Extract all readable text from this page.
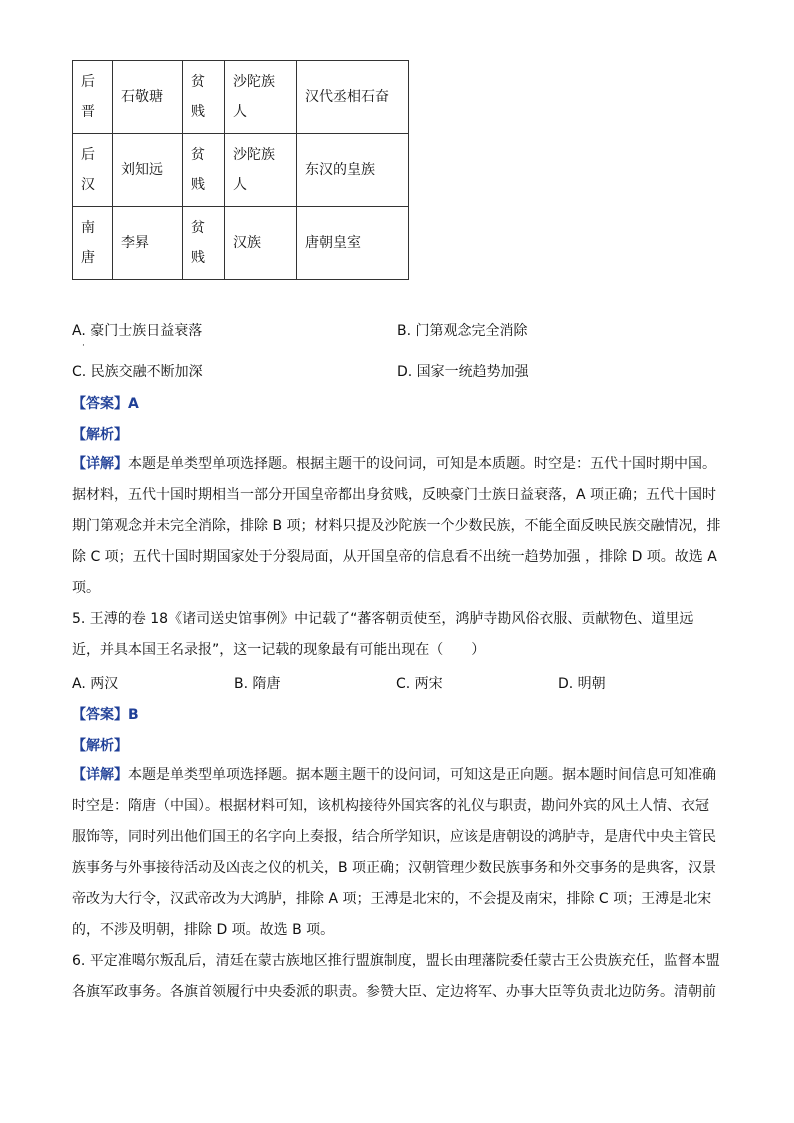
后晋	石敬瑭	贫贱	沙陀族人	汉代丞相石奋

后汉	刘知远	贫贱	沙陀族人	东汉的皇族

南唐	李昪	贫贱	汉族	唐朝皇室
A. 豪门士族日益衰落
·
B. 门第观念完全消除
C. 民族交融不断加深	D. 国家一统趋势加强
【答案】A
【解析】
【详解】本题是单类型单项选择题。根据主题干的设问词，可知是本质题。时空是：五代十国时期中国。
据材料，五代十国时期相当一部分开国皇帝都出身贫贱，反映豪门士族日益衰落，A 项正确；五代十国时
期门第观念并未完全消除，排除 B 项；材料只提及沙陀族一个少数民族，不能全面反映民族交融情况，排
除 C 项；五代十国时期国家处于分裂局面，从开国皇帝的信息看不出统一趋势加强 ，排除 D 项。故选 A
项。
5. 王溥的卷 18《诸司送史馆事例》中记载了“蕃客朝贡使至，鸿胪寺勘风俗衣服、贡献物色、道里远
近，并具本国王名录报”，这一记载的现象最有可能出现在（　　）
A. 两汉	B. 隋唐	C. 两宋	D. 明朝
【答案】B
【解析】
【详解】本题是单类型单项选择题。据本题主题干的设问词，可知这是正向题。据本题时间信息可知准确
时空是：隋唐（中国）。根据材料可知，该机构接待外国宾客的礼仪与职责，勘问外宾的风土人情、衣冠
服饰等，同时列出他们国王的名字向上奏报，结合所学知识，应该是唐朝设的鸿胪寺，是唐代中央主管民
族事务与外事接待活动及凶丧之仪的机关，B 项正确；汉朝管理少数民族事务和外交事务的是典客，汉景
帝改为大行令，汉武帝改为大鸿胪，排除 A 项；王溥是北宋的，不会提及南宋，排除 C 项；王溥是北宋
的，不涉及明朝，排除 D 项。故选 B 项。
6. 平定准噶尔叛乱后，清廷在蒙古族地区推行盟旗制度，盟长由理藩院委任蒙古王公贵族充任，监督本盟
各旗军政事务。各旗首领履行中央委派的职责。参赞大臣、定边将军、办事大臣等负责北边防务。清朝前
